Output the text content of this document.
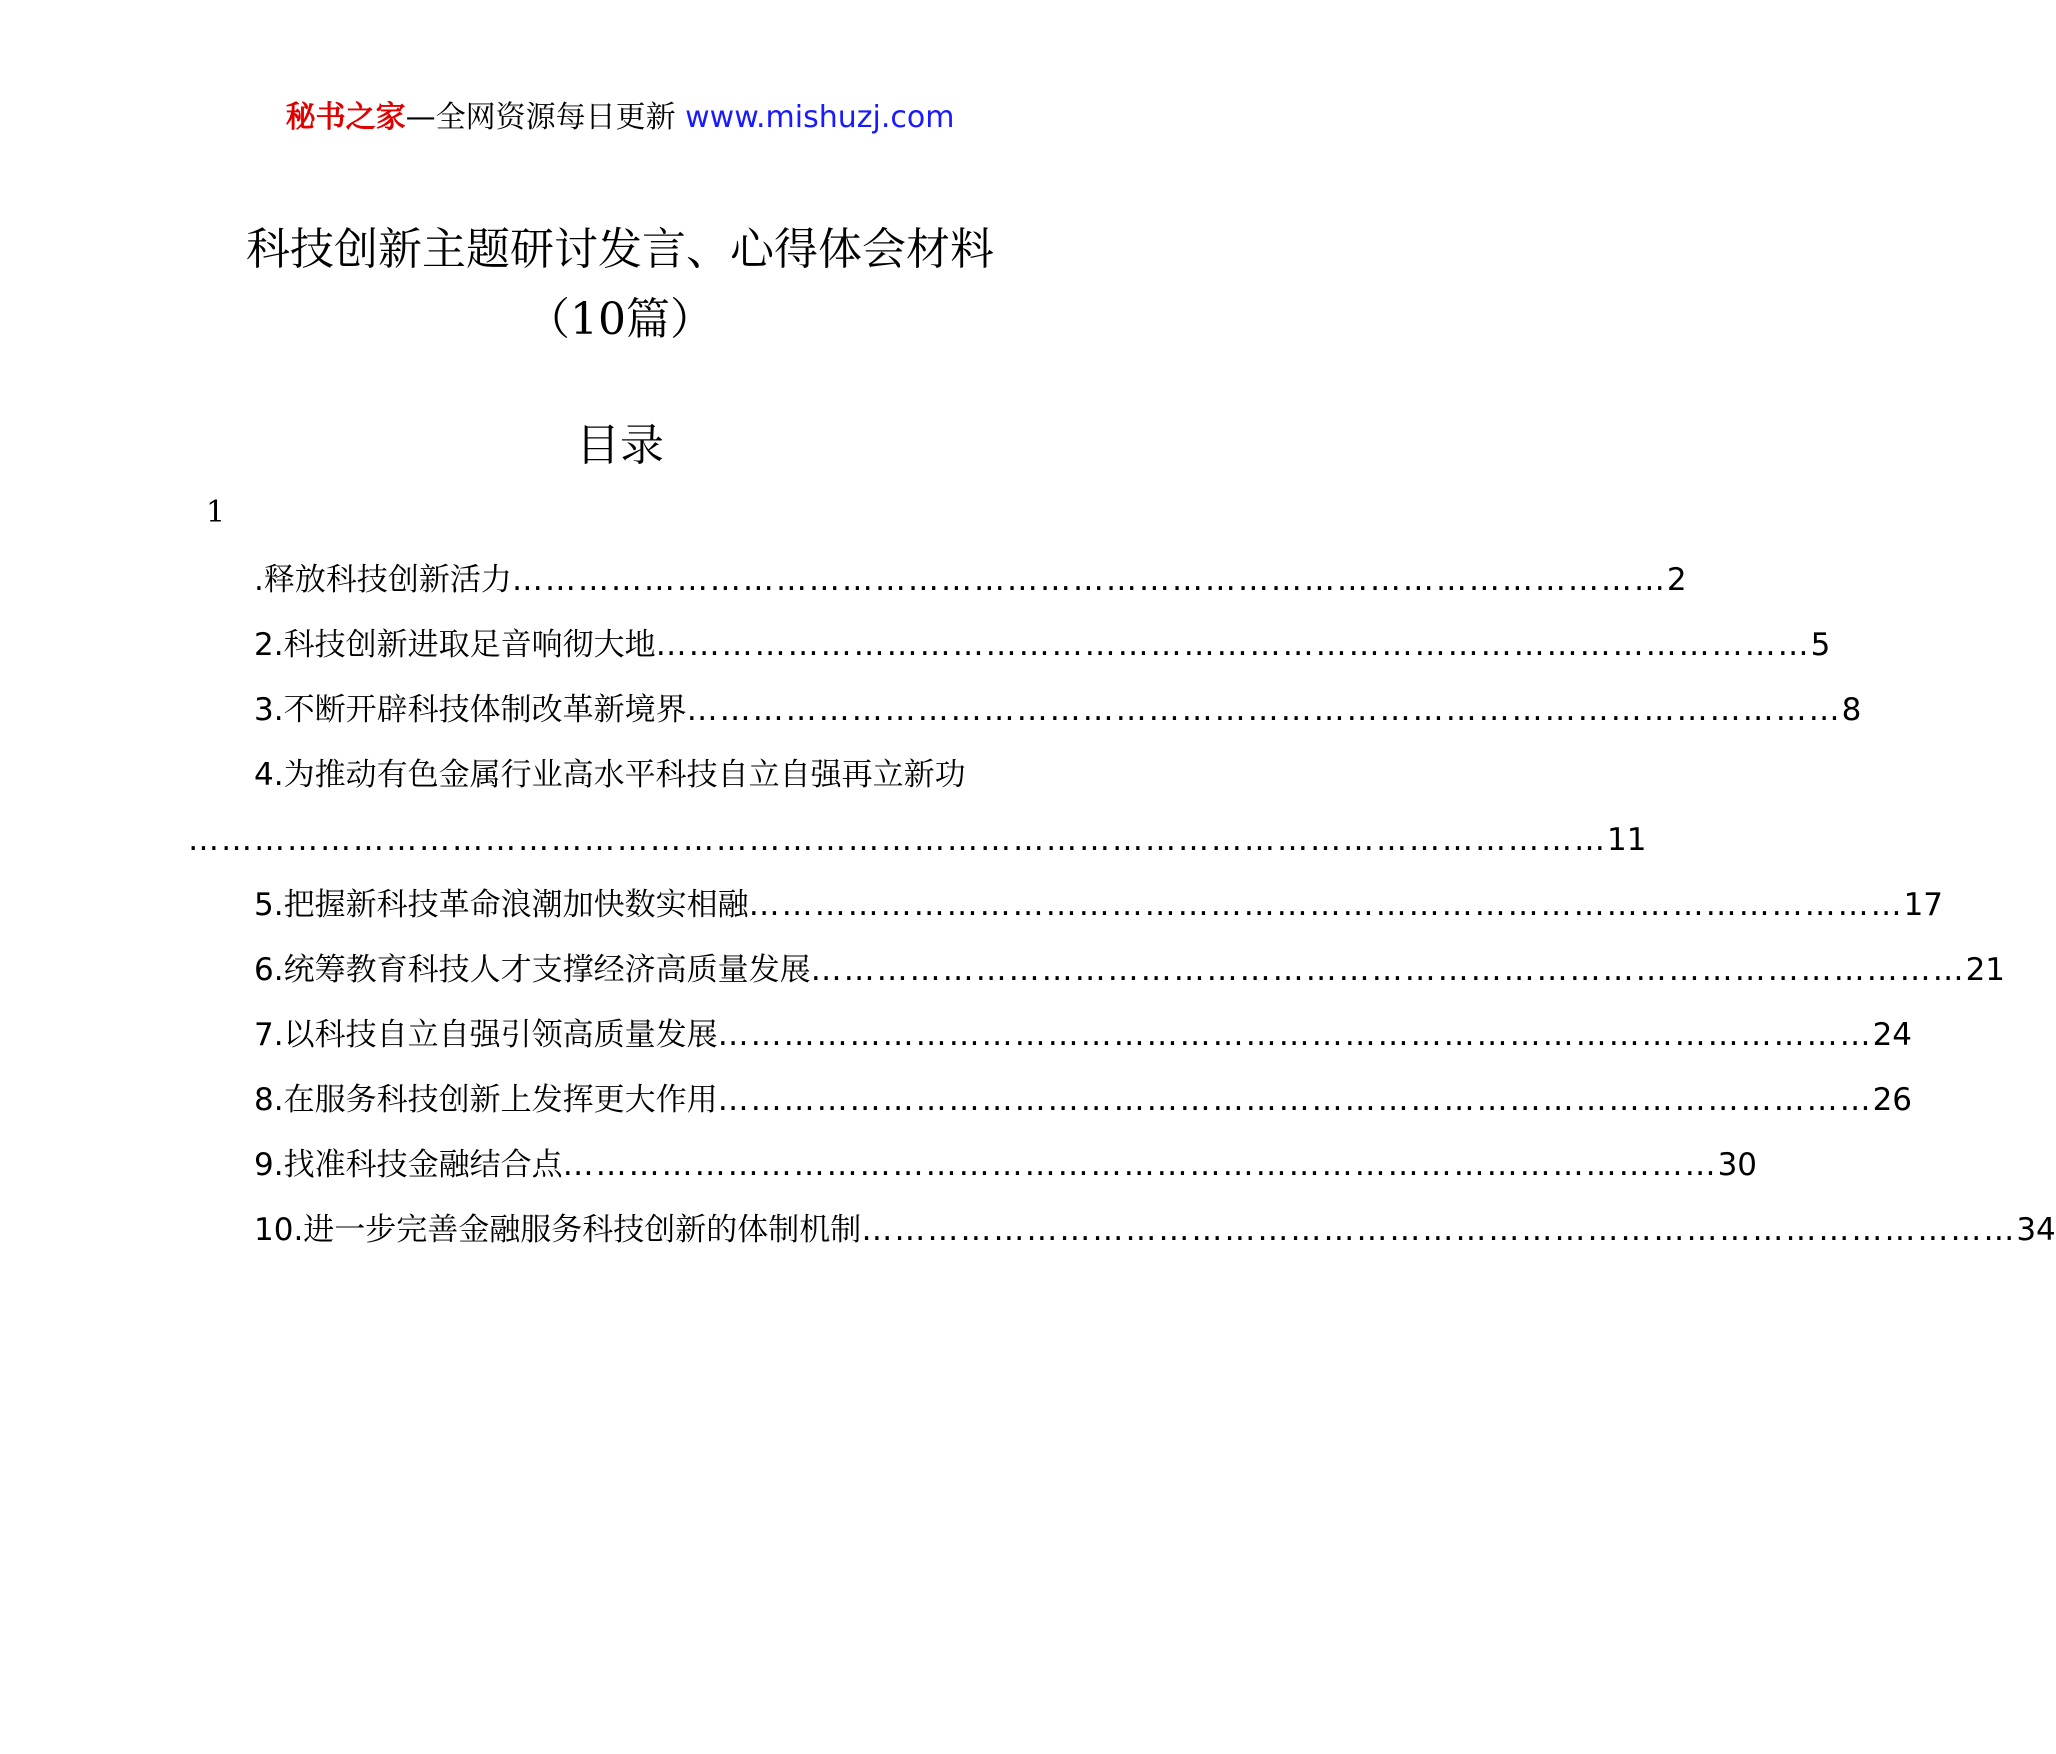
秘书之家—全网资源每日更新 www.mishuzj.com
科技创新主题研讨发言、心得体会材料
（10篇）
目录
1
.释放科技创新活力 …………………………………………………………………………………………… 2
2.科技创新进取足音响彻大地 …………………………………………………………………………………………… 5
3.不断开辟科技体制改革新境界 …………………………………………………………………………………………… 8
4.为推动有色金属行业高水平科技自立自强再立新功
………………………………………………………………………………………………………………… 11
5.把握新科技革命浪潮加快数实相融 …………………………………………………………………………………………… 17
6.统筹教育科技人才支撑经济高质量发展 …………………………………………………………………………………………… 21
7.以科技自立自强引领高质量发展 …………………………………………………………………………………………… 24
8.在服务科技创新上发挥更大作用 …………………………………………………………………………………………… 26
9.找准科技金融结合点 …………………………………………………………………………………………… 30
10.进一步完善金融服务科技创新的体制机制 …………………………………………………………………………………………… 34
